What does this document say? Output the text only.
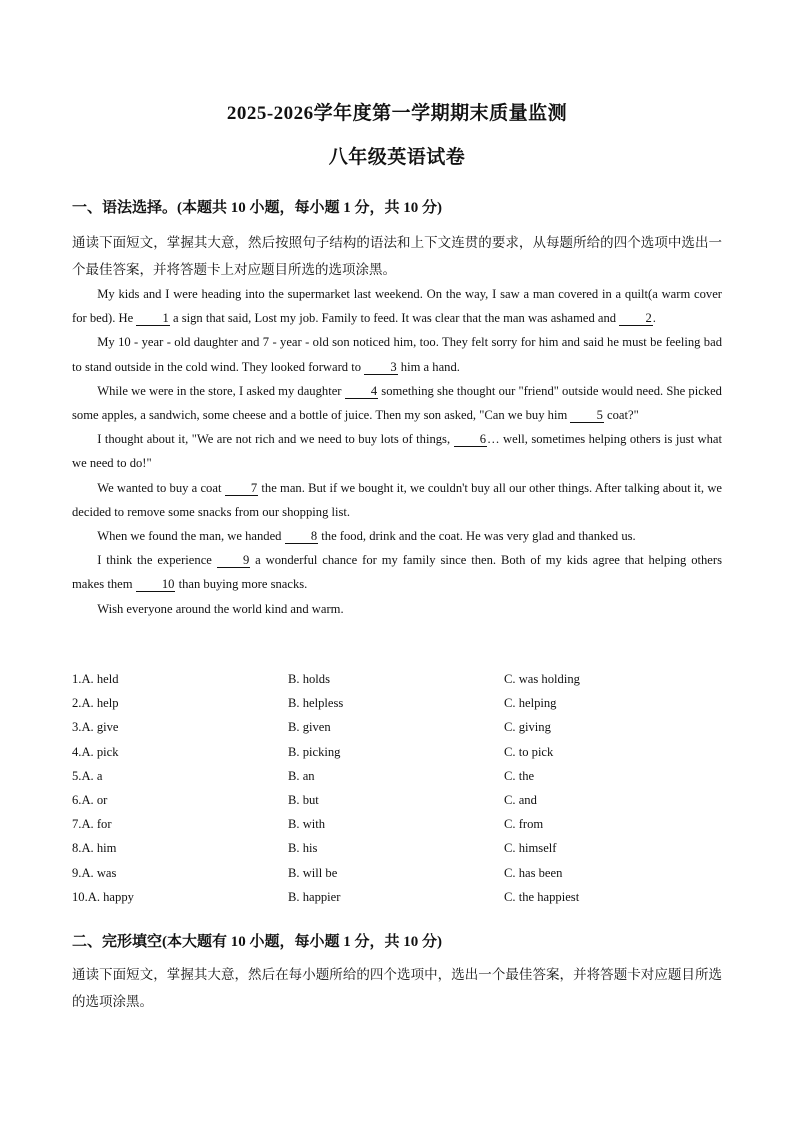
2025-2026学年度第一学期期末质量监测
八年级英语试卷
一、语法选择。(本题共 10 小题，每小题 1 分，共 10 分)
通读下面短文，掌握其大意，然后按照句子结构的语法和上下文连贯的要求，从每题所给的四个选项中选出一个最佳答案，并将答题卡上对应题目所选的选项涂黑。

My kids and I were heading into the supermarket last weekend. On the way, I saw a man covered in a quilt(a warm cover for bed). He 1 a sign that said, Lost my job. Family to feed. It was clear that the man was ashamed and 2.

My 10 - year - old daughter and 7 - year - old son noticed him, too. They felt sorry for him and said he must be feeling bad to stand outside in the cold wind. They looked forward to 3 him a hand.

While we were in the store, I asked my daughter 4 something she thought our "friend" outside would need. She picked some apples, a sandwich, some cheese and a bottle of juice. Then my son asked, "Can we buy him 5 coat?"

I thought about it, "We are not rich and we need to buy lots of things, 6… well, sometimes helping others is just what we need to do!"

We wanted to buy a coat 7 the man. But if we bought it, we couldn't buy all our other things. After talking about it, we decided to remove some snacks from our shopping list.

When we found the man, we handed 8 the food, drink and the coat. He was very glad and thanked us.

I think the experience 9 a wonderful chance for my family since then. Both of my kids agree that helping others makes them 10 than buying more snacks.

Wish everyone around the world kind and warm.

1.A. held	B. holds	C. was holding
2.A. help	B. helpless	C. helping
3.A. give	B. given	C. giving
4.A. pick	B. picking	C. to pick
5.A. a	B. an	C. the
6.A. or	B. but	C. and
7.A. for	B. with	C. from
8.A. him	B. his	C. himself
9.A. was	B. will be	C. has been
10.A. happy	B. happier	C. the happiest
二、完形填空(本大题有 10 小题，每小题 1 分，共 10 分)
通读下面短文，掌握其大意，然后在每小题所给的四个选项中，选出一个最佳答案，并将答题卡对应题目所选的选项涂黑。
